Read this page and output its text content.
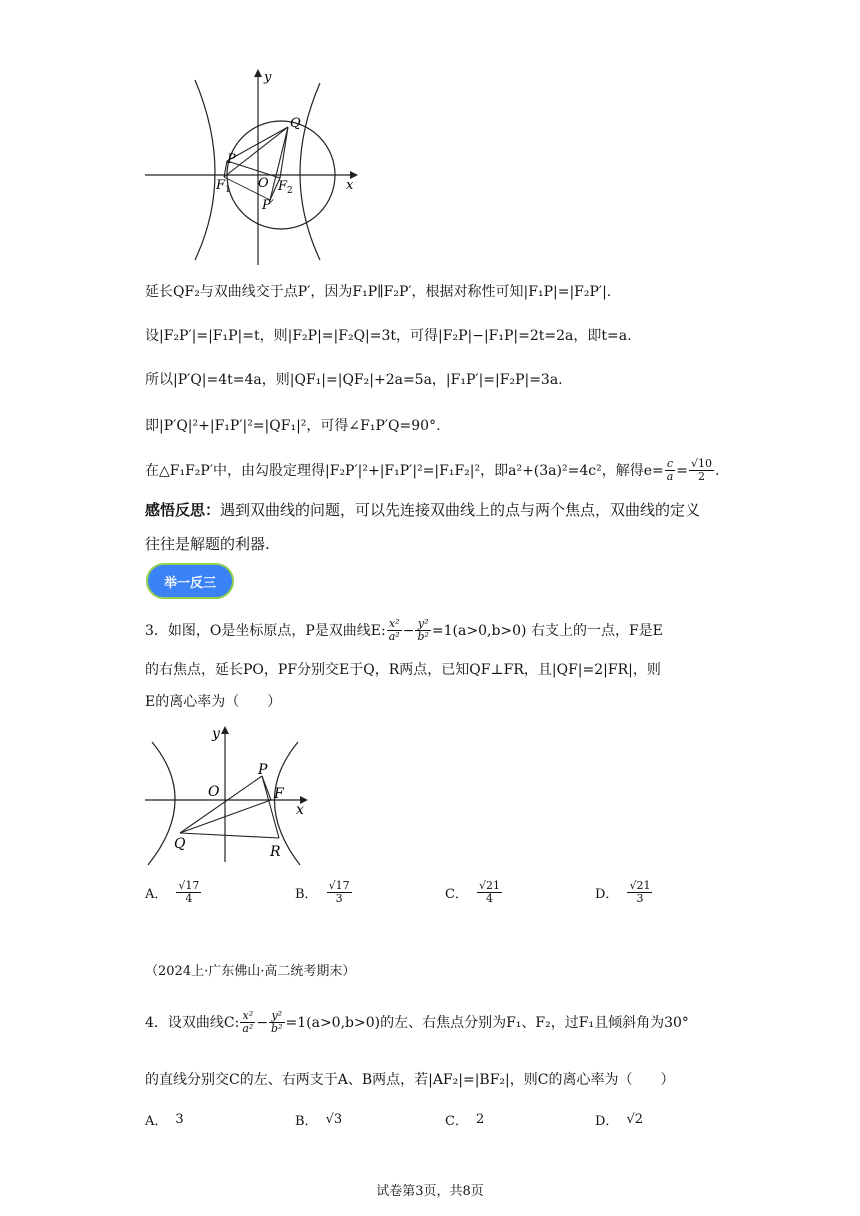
y
x
Q
P
F 1 O F 2
P′
延长QF₂与双曲线交于点P′，因为F₁P∥F₂P′，根据对称性可知|F₁P|=|F₂P′|.
设|F₂P′|=|F₁P|=t，则|F₂P|=|F₂Q|=3t，可得|F₂P|−|F₁P|=2t=2a，即t=a.
所以|P′Q|=4t=4a，则|QF₁|=|QF₂|+2a=5a，|F₁P′|=|F₂P|=3a.
即|P′Q|²+|F₁P′|²=|QF₁|²，可得∠F₁P′Q=90°.
在△F₁F₂P′中，由勾股定理得|F₂P′|²+|F₁P′|²=|F₁F₂|²，即a²+(3a)²=4c²，解得$e= \frac{c}{a} = \frac{√10}{2}$ .
感悟反思：遇到双曲线的问题，可以先连接双曲线上的点与两个焦点，双曲线的定义
往往是解题的利器.
举一反三
3．如图，O是坐标原点，P是双曲线E: $\frac{\text{x²}}{\text{a²}} - \frac{\text{y²}}{\text{b²}} =1(a>0,b>0)$ 右支上的一点，F是E
的右焦点，延长PO，PF分别交E于Q，R两点，已知QF⊥FR，且|QF|=2|FR|，则
E的离心率为（　　）
y
x
O
P
F
Q	R
A． $\frac{√17}{4}$	B． $\frac{√17}{3}$	C． $\frac{√21}{4}$	D． $\frac{√21}{3}$
（2024上·广东佛山·高二统考期末）
4．设双曲线C: $\frac{\text{x²}}{\text{a²}} - \frac{\text{y²}}{\text{b²}} =1(a>0,b>0)$的左、右焦点分别为F₁、F₂，过F₁且倾斜角为30°
的直线分别交C的左、右两支于A、B两点，若|AF₂|=|BF₂|，则C的离心率为（　　）
A． 3	B． √3	C． 2	D． √2
试卷第3页，共8页
